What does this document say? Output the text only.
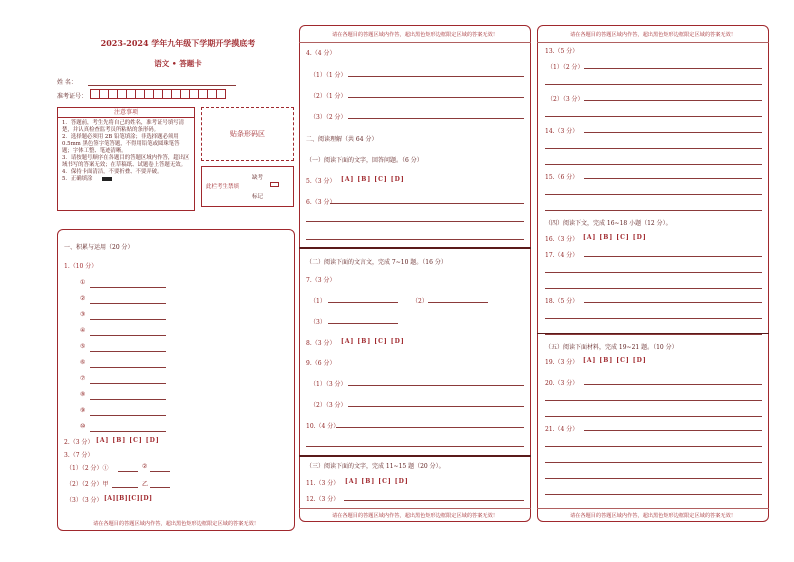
2023-2024 学年九年级下学期开学摸底考
语文 • 答题卡
姓 名：
准考证号：
注意事项
1．答题前，考生先将自己的姓名，准考证号填写清楚，并认真检查监考员所粘贴的条形码。
2．选择题必须用 2B 铅笔填涂；非选择题必须用 0.5mm 黑色签字笔答题，不得用铅笔或圆珠笔答题；字体工整、笔迹清晰。
3．请按题号顺序在各题目的答题区域内作答，超出区域书写的答案无效；在草稿纸、试题卷上答题无效。
4．保持卡面清洁，不要折叠、不要弄破。
5．正确填涂
贴条形码区
此栏考生禁填
缺考
标记
一、积累与运用（20 分）
1.（10 分）
①
②
③
④
⑤
⑥
⑦
⑧
⑨
⑩
2.（3 分） [A] [B] [C] [D]
3.（7 分）
（1）（2 分）①	②
（2）（2 分）甲	乙
（3）（3 分） [A][B][C][D]
请在各题目的答题区域内作答，超出黑色矩形边框限定区域的答案无效！
请在各题目的答题区域内作答，超出黑色矩形边框限定区域的答案无效！
4.（4 分）
（1）（1 分）
（2）（1 分）
（3）（2 分）
二、阅读理解（共 64 分）
（一）阅读下面的文字，回答问题。（6 分）
5.（3 分） [A] [B] [C] [D]
6.（3 分）
（二）阅读下面的文言文，完成 7~10 题。（16 分）
7.（3 分）
（1）	（2）
（3）
8.（3 分） [A] [B] [C] [D]
9.（6 分）
（1）（3 分）
（2）（3 分）
10.（4 分）
（三）阅读下面的文字，完成 11~15 题（20 分）。
11.（3 分） [A] [B] [C] [D]
12.（3 分）
请在各题目的答题区域内作答，超出黑色矩形边框限定区域的答案无效！
请在各题目的答题区域内作答，超出黑色矩形边框限定区域的答案无效！
13.（5 分）
（1）（2 分）
（2）（3 分）
14.（3 分）
15.（6 分）
（四）阅读下文，完成 16~18 小题（12 分）。
16.（3 分） [A] [B] [C] [D]
17.（4 分）
18.（5 分）
（五）阅读下面材料，完成 19~21 题。（10 分）
19.（3 分） [A] [B] [C] [D]
20.（3 分）
21.（4 分）
请在各题目的答题区域内作答，超出黑色矩形边框限定区域的答案无效！
